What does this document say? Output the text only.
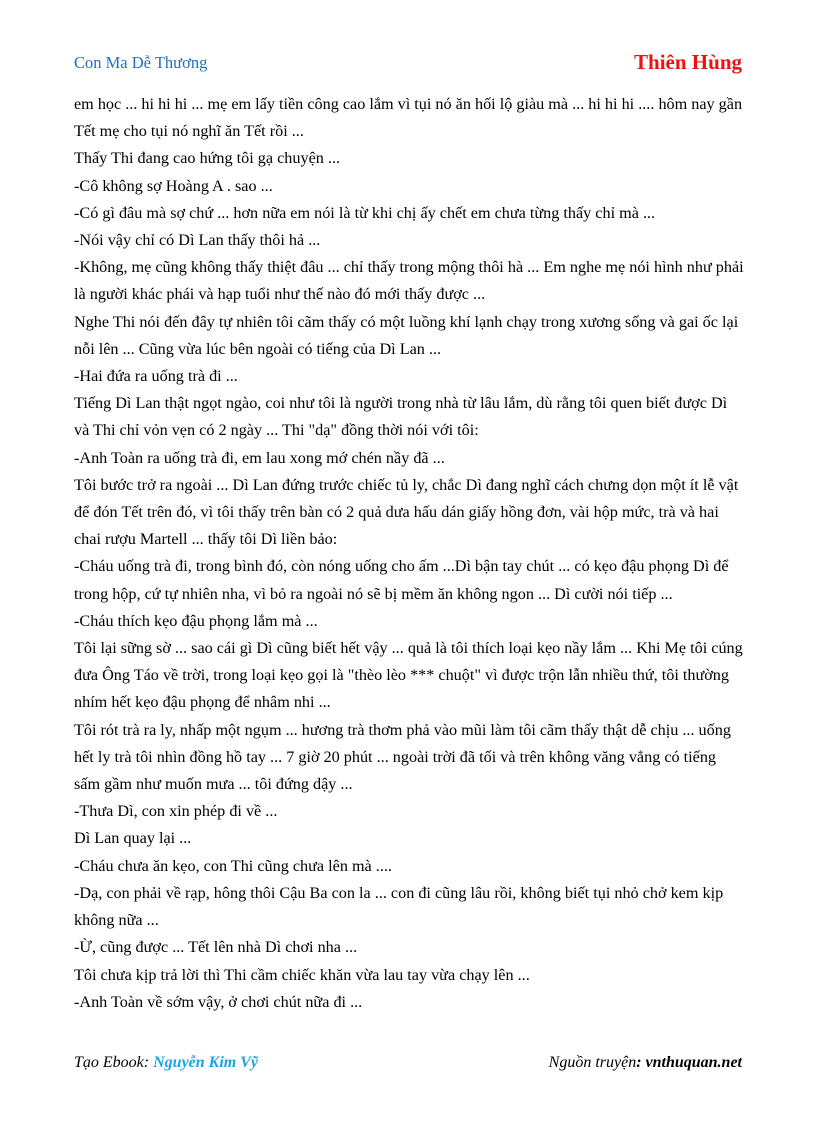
Con Ma Dễ Thương	Thiên Hùng

em học ... hi hi hi ... mẹ em lấy tiền công cao lắm vì tụi nó ăn hối lộ giàu mà ... hi hi hi .... hôm nay gần Tết mẹ cho tụi nó nghĩ ăn Tết rồi ...

Thấy Thi đang cao hứng tôi gạ chuyện ...

-Cô không sợ Hoàng A . sao ...

-Có gì đâu mà sợ chứ ... hơn nữa em nói là từ khi chị ấy chết em chưa từng thấy chỉ mà ...

-Nói vậy chỉ có Dì Lan thấy thôi hả ...

-Không, mẹ cũng không thấy thiệt đâu ... chỉ thấy trong mộng thôi hà ... Em nghe mẹ nói hình như phải là người khác phái và hạp tuổi như thế nào đó mới thấy được ...

Nghe Thi nói đến đây tự nhiên tôi cãm thấy có một luồng khí lạnh chạy trong xương sống và gai ốc lại nỗi lên ... Cũng vừa lúc bên ngoài có tiếng của Dì Lan ...

-Hai đứa ra uống trà đi ...

Tiếng Dì Lan thật ngọt ngào, coi như tôi là người trong nhà từ lâu lắm, dù rằng tôi quen biết được Dì và Thi chỉ vỏn vẹn có 2 ngày ... Thi "dạ" đồng thời nói với tôi:

-Anh Toàn ra uống trà đi, em lau xong mớ chén nầy đã ...

Tôi bước trở ra ngoài ... Dì Lan đứng trước chiếc tủ ly, chắc Dì đang nghĩ cách chưng dọn một ít lễ vật để đón Tết trên đó, vì tôi thấy trên bàn có 2 quả dưa hấu dán giấy hồng đơn, vài hộp mức, trà và hai chai rượu Martell ... thấy tôi Dì liền bảo:

-Cháu uống trà đi, trong bình đó, còn nóng uống cho ấm ...Dì bận tay chút ... có kẹo đậu phọng Dì để trong hộp, cứ tự nhiên nha, vì bỏ ra ngoài nó sẽ bị mềm ăn không ngon ... Dì cười nói tiếp ...

-Cháu thích kẹo đậu phọng lắm mà ...

Tôi lại sững sờ ... sao cái gì Dì cũng biết hết vậy ... quả là tôi thích loại kẹo nầy lắm ... Khi Mẹ tôi cúng đưa Ông Táo về trời, trong loại kẹo gọi là "thèo lèo *** chuột" vì được trộn lẫn nhiều thứ, tôi thường nhím hết kẹo đậu phọng để nhâm nhi ...

Tôi rót trà ra ly, nhấp một ngụm ... hương trà thơm phả vào mũi làm tôi cãm thấy thật dễ chịu ... uống hết ly trà tôi nhìn đồng hồ tay ... 7 giờ 20 phút ... ngoài trời đã tối và trên không văng vẳng có tiếng sấm gầm như muốn mưa ... tôi đứng dậy ...

-Thưa Dì, con xin phép đi về ...

Dì Lan quay lại ...

-Cháu chưa ăn kẹo, con Thi cũng chưa lên mà ....

-Dạ, con phải về rạp, hông thôi Cậu Ba con la ... con đi cũng lâu rồi, không biết tụi nhỏ chở kem kịp không nữa ...

-Ừ, cũng được ... Tết lên nhà Dì chơi nha ...

Tôi chưa kịp trả lời thì Thi cầm chiếc khăn vừa lau tay vừa chạy lên ...

-Anh Toàn về sớm vậy, ở chơi chút nữa đi ...

Tạo Ebook: Nguyễn Kim Vỹ	Nguồn truyện: vnthuquan.net
